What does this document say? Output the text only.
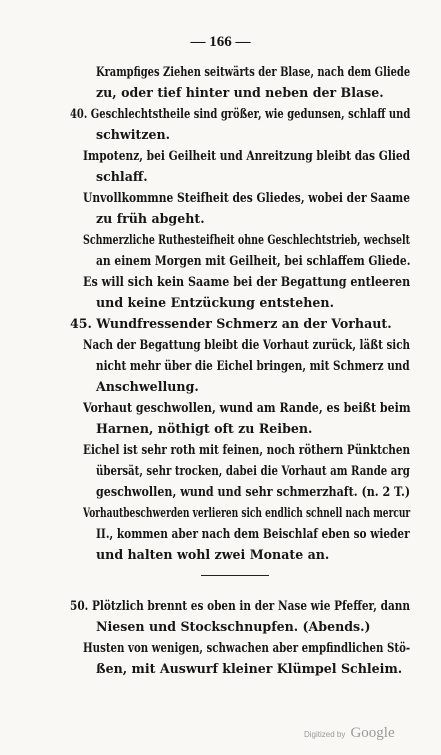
— 166 —
Krampfiges Ziehen seitwärts der Blase, nach dem Gliede
zu, oder tief hinter und neben der Blase.
40. Geschlechtstheile sind größer, wie gedunsen, schlaff und
schwitzen.
Impotenz, bei Geilheit und Anreitzung bleibt das Glied
schlaff.
Unvollkommne Steifheit des Gliedes, wobei der Saame
zu früh abgeht.
Schmerzliche Ruthesteifheit ohne Geschlechtstrieb, wechselt
an einem Morgen mit Geilheit, bei schlaffem Gliede.
Es will sich kein Saame bei der Begattung entleeren
und keine Entzückung entstehen.
45. Wundfressender Schmerz an der Vorhaut.
Nach der Begattung bleibt die Vorhaut zurück, läßt sich
nicht mehr über die Eichel bringen, mit Schmerz und
Anschwellung.
Vorhaut geschwollen, wund am Rande, es beißt beim
Harnen, nöthigt oft zu Reiben.
Eichel ist sehr roth mit feinen, noch röthern Pünktchen
übersät, sehr trocken, dabei die Vorhaut am Rande arg
geschwollen, wund und sehr schmerzhaft. (n. 2 T.)
Vorhautbeschwerden verlieren sich endlich schnell nach mercur
II., kommen aber nach dem Beischlaf eben so wieder
und halten wohl zwei Monate an.
50. Plötzlich brennt es oben in der Nase wie Pfeffer, dann
Niesen und Stockschnupfen. (Abends.)
Husten von wenigen, schwachen aber empfindlichen Stö-
ßen, mit Auswurf kleiner Klümpel Schleim.
Digitized by Google
